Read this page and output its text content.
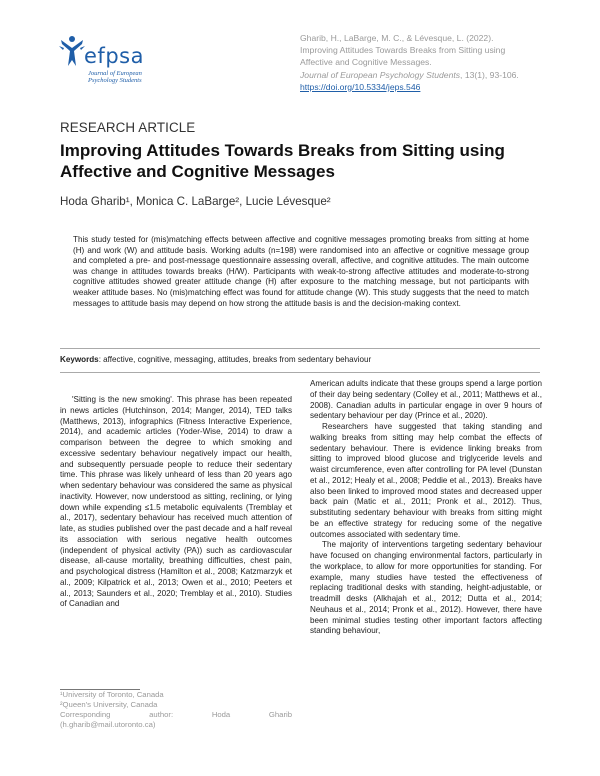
efpsa
Journal of European
Psychology Students
Gharib, H., LaBarge, M. C., & Lévesque, L. (2022).
Improving Attitudes Towards Breaks from Sitting using
Affective and Cognitive Messages.
Journal of European Psychology Students, 13(1), 93-106.
https://doi.org/10.5334/jeps.546
RESEARCH ARTICLE
Improving Attitudes Towards Breaks from Sitting using
Affective and Cognitive Messages
Hoda Gharib¹, Monica C. LaBarge², Lucie Lévesque²
This study tested for (mis)matching effects between affective and cognitive messages promoting breaks from sitting at home (H) and work (W) and attitude basis. Working adults (n=198) were randomised into an affective or cognitive message group and completed a pre- and post-message questionnaire assessing overall, affective, and cognitive attitudes. The main outcome was change in attitudes towards breaks (H/W). Participants with weak-to-strong affective attitudes and moderate-to-strong cognitive attitudes showed greater attitude change (H) after exposure to the matching message, but not participants with weaker attitude bases. No (mis)matching effect was found for attitude change (W). This study suggests that the need to match messages to attitude basis may depend on how strong the attitude basis is and the decision-making context.
Keywords: affective, cognitive, messaging, attitudes, breaks from sedentary behaviour

'Sitting is the new smoking'. This phrase has been repeated in news articles (Hutchinson, 2014; Manger, 2014), TED talks (Matthews, 2013), infographics (Fitness Interactive Experience, 2014), and academic articles (Yoder-Wise, 2014) to draw a comparison between the degree to which smoking and excessive sedentary behaviour negatively impact our health, and subsequently persuade people to reduce their sedentary time. This phrase was likely unheard of less than 20 years ago when sedentary behaviour was considered the same as physical inactivity. However, now understood as sitting, reclining, or lying down while expending ≤1.5 metabolic equivalents (Tremblay et al., 2017), sedentary behaviour has received much attention of late, as studies published over the past decade and a half reveal its association with serious negative health outcomes (independent of physical activity (PA)) such as cardiovascular disease, all-cause mortality, breathing difficulties, chest pain, and psychological distress (Hamilton et al., 2008; Katzmarzyk et al., 2009; Kilpatrick et al., 2013; Owen et al., 2010; Peeters et al., 2013; Saunders et al., 2020; Tremblay et al., 2010). Studies of Canadian and

American adults indicate that these groups spend a large portion of their day being sedentary (Colley et al., 2011; Matthews et al., 2008). Canadian adults in particular engage in over 9 hours of sedentary behaviour per day (Prince et al., 2020).

Researchers have suggested that taking standing and walking breaks from sitting may help combat the effects of sedentary behaviour. There is evidence linking breaks from sitting to improved blood glucose and triglyceride levels and waist circumference, even after controlling for PA level (Dunstan et al., 2012; Healy et al., 2008; Peddie et al., 2013). Breaks have also been linked to improved mood states and decreased upper back pain (Matic et al., 2011; Pronk et al., 2012). Thus, substituting sedentary behaviour with breaks from sitting might be an effective strategy for reducing some of the negative outcomes associated with sedentary time.

The majority of interventions targeting sedentary behaviour have focused on changing environmental factors, particularly in the workplace, to allow for more opportunities for standing. For example, many studies have tested the effectiveness of replacing traditional desks with standing, height-adjustable, or treadmill desks (Alkhajah et al., 2012; Dutta et al., 2014; Neuhaus et al., 2014; Pronk et al., 2012). However, there have been minimal studies testing other important factors affecting standing behaviour,

¹University of Toronto, Canada
²Queen's University, Canada
Corresponding	author:	Hoda	Gharib
(h.gharib@mail.utoronto.ca)
